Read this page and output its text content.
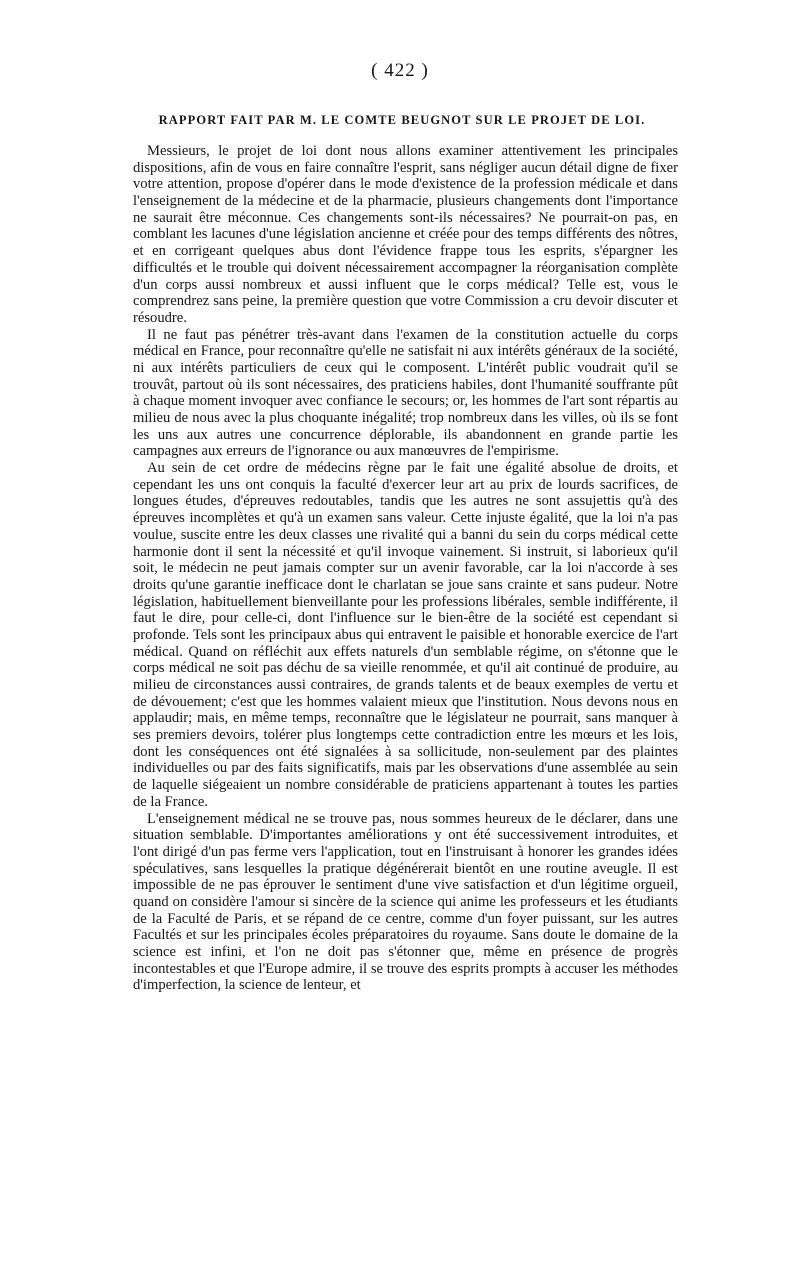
( 422 )
RAPPORT FAIT PAR M. LE COMTE BEUGNOT SUR LE PROJET DE LOI.

Messieurs, le projet de loi dont nous allons examiner attentivement les principales dispositions, afin de vous en faire connaître l'esprit, sans négliger aucun détail digne de fixer votre attention, propose d'opérer dans le mode d'existence de la profession médicale et dans l'enseignement de la médecine et de la pharmacie, plusieurs changements dont l'importance ne saurait être méconnue. Ces changements sont-ils nécessaires? Ne pourrait-on pas, en comblant les lacunes d'une législation ancienne et créée pour des temps différents des nôtres, et en corrigeant quelques abus dont l'évidence frappe tous les esprits, s'épargner les difficultés et le trouble qui doivent nécessairement accompagner la réorganisation complète d'un corps aussi nombreux et aussi influent que le corps médical? Telle est, vous le comprendrez sans peine, la première question que votre Commission a cru devoir discuter et résoudre.

Il ne faut pas pénétrer très-avant dans l'examen de la constitution actuelle du corps médical en France, pour reconnaître qu'elle ne satisfait ni aux intérêts généraux de la société, ni aux intérêts particuliers de ceux qui le composent. L'intérêt public voudrait qu'il se trouvât, partout où ils sont nécessaires, des praticiens habiles, dont l'humanité souffrante pût à chaque moment invoquer avec confiance le secours; or, les hommes de l'art sont répartis au milieu de nous avec la plus choquante inégalité; trop nombreux dans les villes, où ils se font les uns aux autres une concurrence déplorable, ils abandonnent en grande partie les campagnes aux erreurs de l'ignorance ou aux manœuvres de l'empirisme.

Au sein de cet ordre de médecins règne par le fait une égalité absolue de droits, et cependant les uns ont conquis la faculté d'exercer leur art au prix de lourds sacrifices, de longues études, d'épreuves redoutables, tandis que les autres ne sont assujettis qu'à des épreuves incomplètes et qu'à un examen sans valeur. Cette injuste égalité, que la loi n'a pas voulue, suscite entre les deux classes une rivalité qui a banni du sein du corps médical cette harmonie dont il sent la nécessité et qu'il invoque vainement. Si instruit, si laborieux qu'il soit, le médecin ne peut jamais compter sur un avenir favorable, car la loi n'accorde à ses droits qu'une garantie inefficace dont le charlatan se joue sans crainte et sans pudeur. Notre législation, habituellement bienveillante pour les professions libérales, semble indifférente, il faut le dire, pour celle-ci, dont l'influence sur le bien-être de la société est cependant si profonde. Tels sont les principaux abus qui entravent le paisible et honorable exercice de l'art médical. Quand on réfléchit aux effets naturels d'un semblable régime, on s'étonne que le corps médical ne soit pas déchu de sa vieille renommée, et qu'il ait continué de produire, au milieu de circonstances aussi contraires, de grands talents et de beaux exemples de vertu et de dévouement; c'est que les hommes valaient mieux que l'institution. Nous devons nous en applaudir; mais, en même temps, reconnaître que le législateur ne pourrait, sans manquer à ses premiers devoirs, tolérer plus longtemps cette contradiction entre les mœurs et les lois, dont les conséquences ont été signalées à sa sollicitude, non-seulement par des plaintes individuelles ou par des faits significatifs, mais par les observations d'une assemblée au sein de laquelle siégeaient un nombre considérable de praticiens appartenant à toutes les parties de la France.

L'enseignement médical ne se trouve pas, nous sommes heureux de le déclarer, dans une situation semblable. D'importantes améliorations y ont été successivement introduites, et l'ont dirigé d'un pas ferme vers l'application, tout en l'instruisant à honorer les grandes idées spéculatives, sans lesquelles la pratique dégénérerait bientôt en une routine aveugle. Il est impossible de ne pas éprouver le sentiment d'une vive satisfaction et d'un légitime orgueil, quand on considère l'amour si sincère de la science qui anime les professeurs et les étudiants de la Faculté de Paris, et se répand de ce centre, comme d'un foyer puissant, sur les autres Facultés et sur les principales écoles préparatoires du royaume. Sans doute le domaine de la science est infini, et l'on ne doit pas s'étonner que, même en présence de progrès incontestables et que l'Europe admire, il se trouve des esprits prompts à accuser les méthodes d'imperfection, la science de lenteur, et
